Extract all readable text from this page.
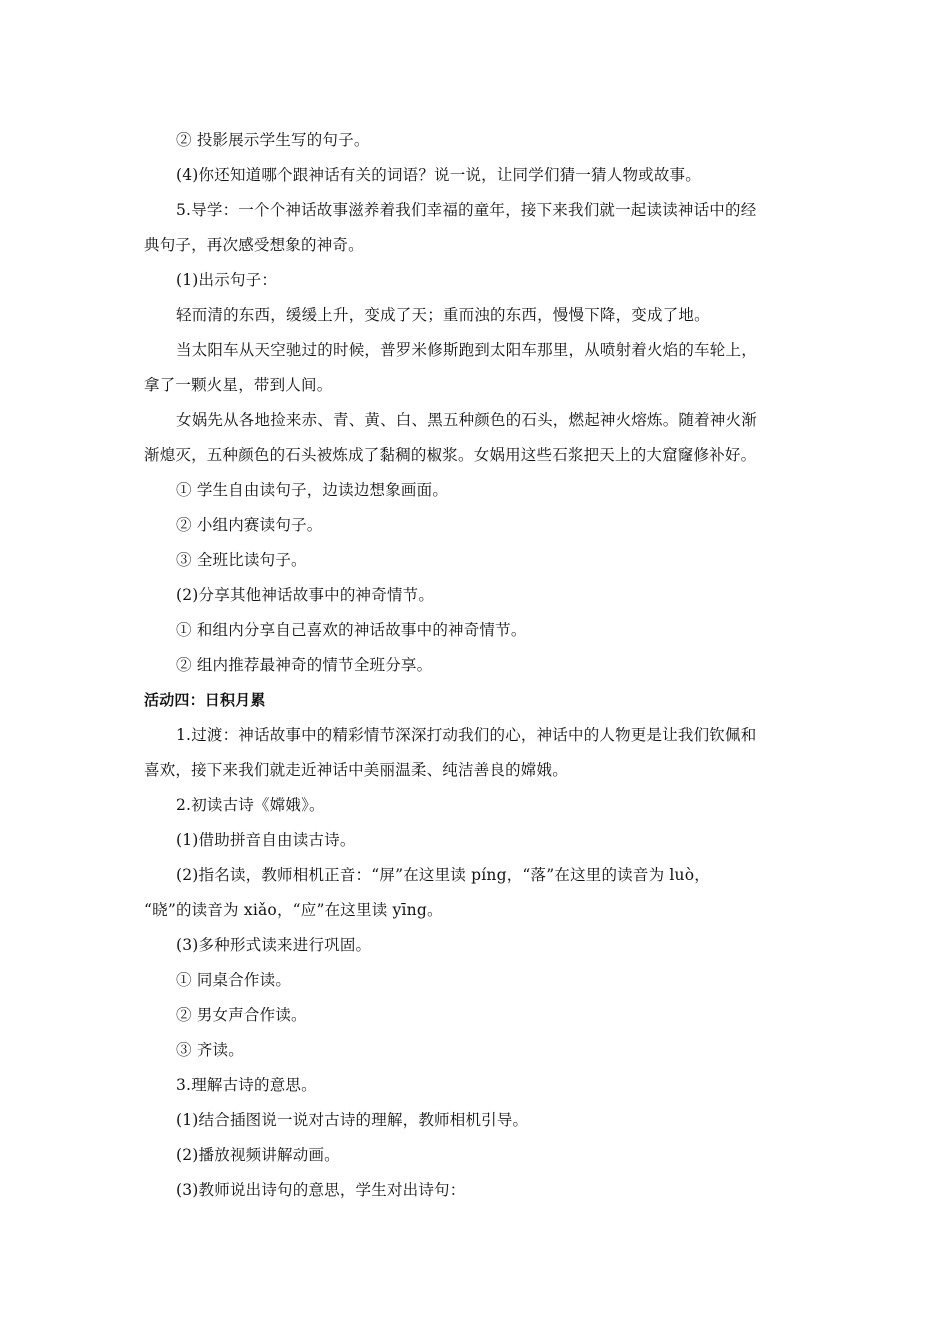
② 投影展示学生写的句子。
(4)你还知道哪个跟神话有关的词语？说一说，让同学们猜一猜人物或故事。
5.导学：一个个神话故事滋养着我们幸福的童年，接下来我们就一起读读神话中的经
典句子，再次感受想象的神奇。
(1)出示句子：
轻而清的东西，缓缓上升，变成了天；重而浊的东西，慢慢下降，变成了地。
当太阳车从天空驰过的时候，普罗米修斯跑到太阳车那里，从喷射着火焰的车轮上，
拿了一颗火星，带到人间。
女娲先从各地捡来赤、青、黄、白、黑五种颜色的石头，燃起神火熔炼。随着神火渐
渐熄灭，五种颜色的石头被炼成了黏稠的椒浆。女娲用这些石浆把天上的大窟窿修补好。
① 学生自由读句子，边读边想象画面。
② 小组内赛读句子。
③ 全班比读句子。
(2)分享其他神话故事中的神奇情节。
① 和组内分享自己喜欢的神话故事中的神奇情节。
② 组内推荐最神奇的情节全班分享。
活动四：日积月累
1.过渡：神话故事中的精彩情节深深打动我们的心，神话中的人物更是让我们钦佩和
喜欢，接下来我们就走近神话中美丽温柔、纯洁善良的嫦娥。
2.初读古诗《嫦娥》。
(1)借助拼音自由读古诗。
(2)指名读，教师相机正音：“屏”在这里读 píng，“落”在这里的读音为 luò，
“晓”的读音为 xiǎo，“应”在这里读 yīng。
(3)多种形式读来进行巩固。
① 同桌合作读。
② 男女声合作读。
③ 齐读。
3.理解古诗的意思。
(1)结合插图说一说对古诗的理解，教师相机引导。
(2)播放视频讲解动画。
(3)教师说出诗句的意思，学生对出诗句：
